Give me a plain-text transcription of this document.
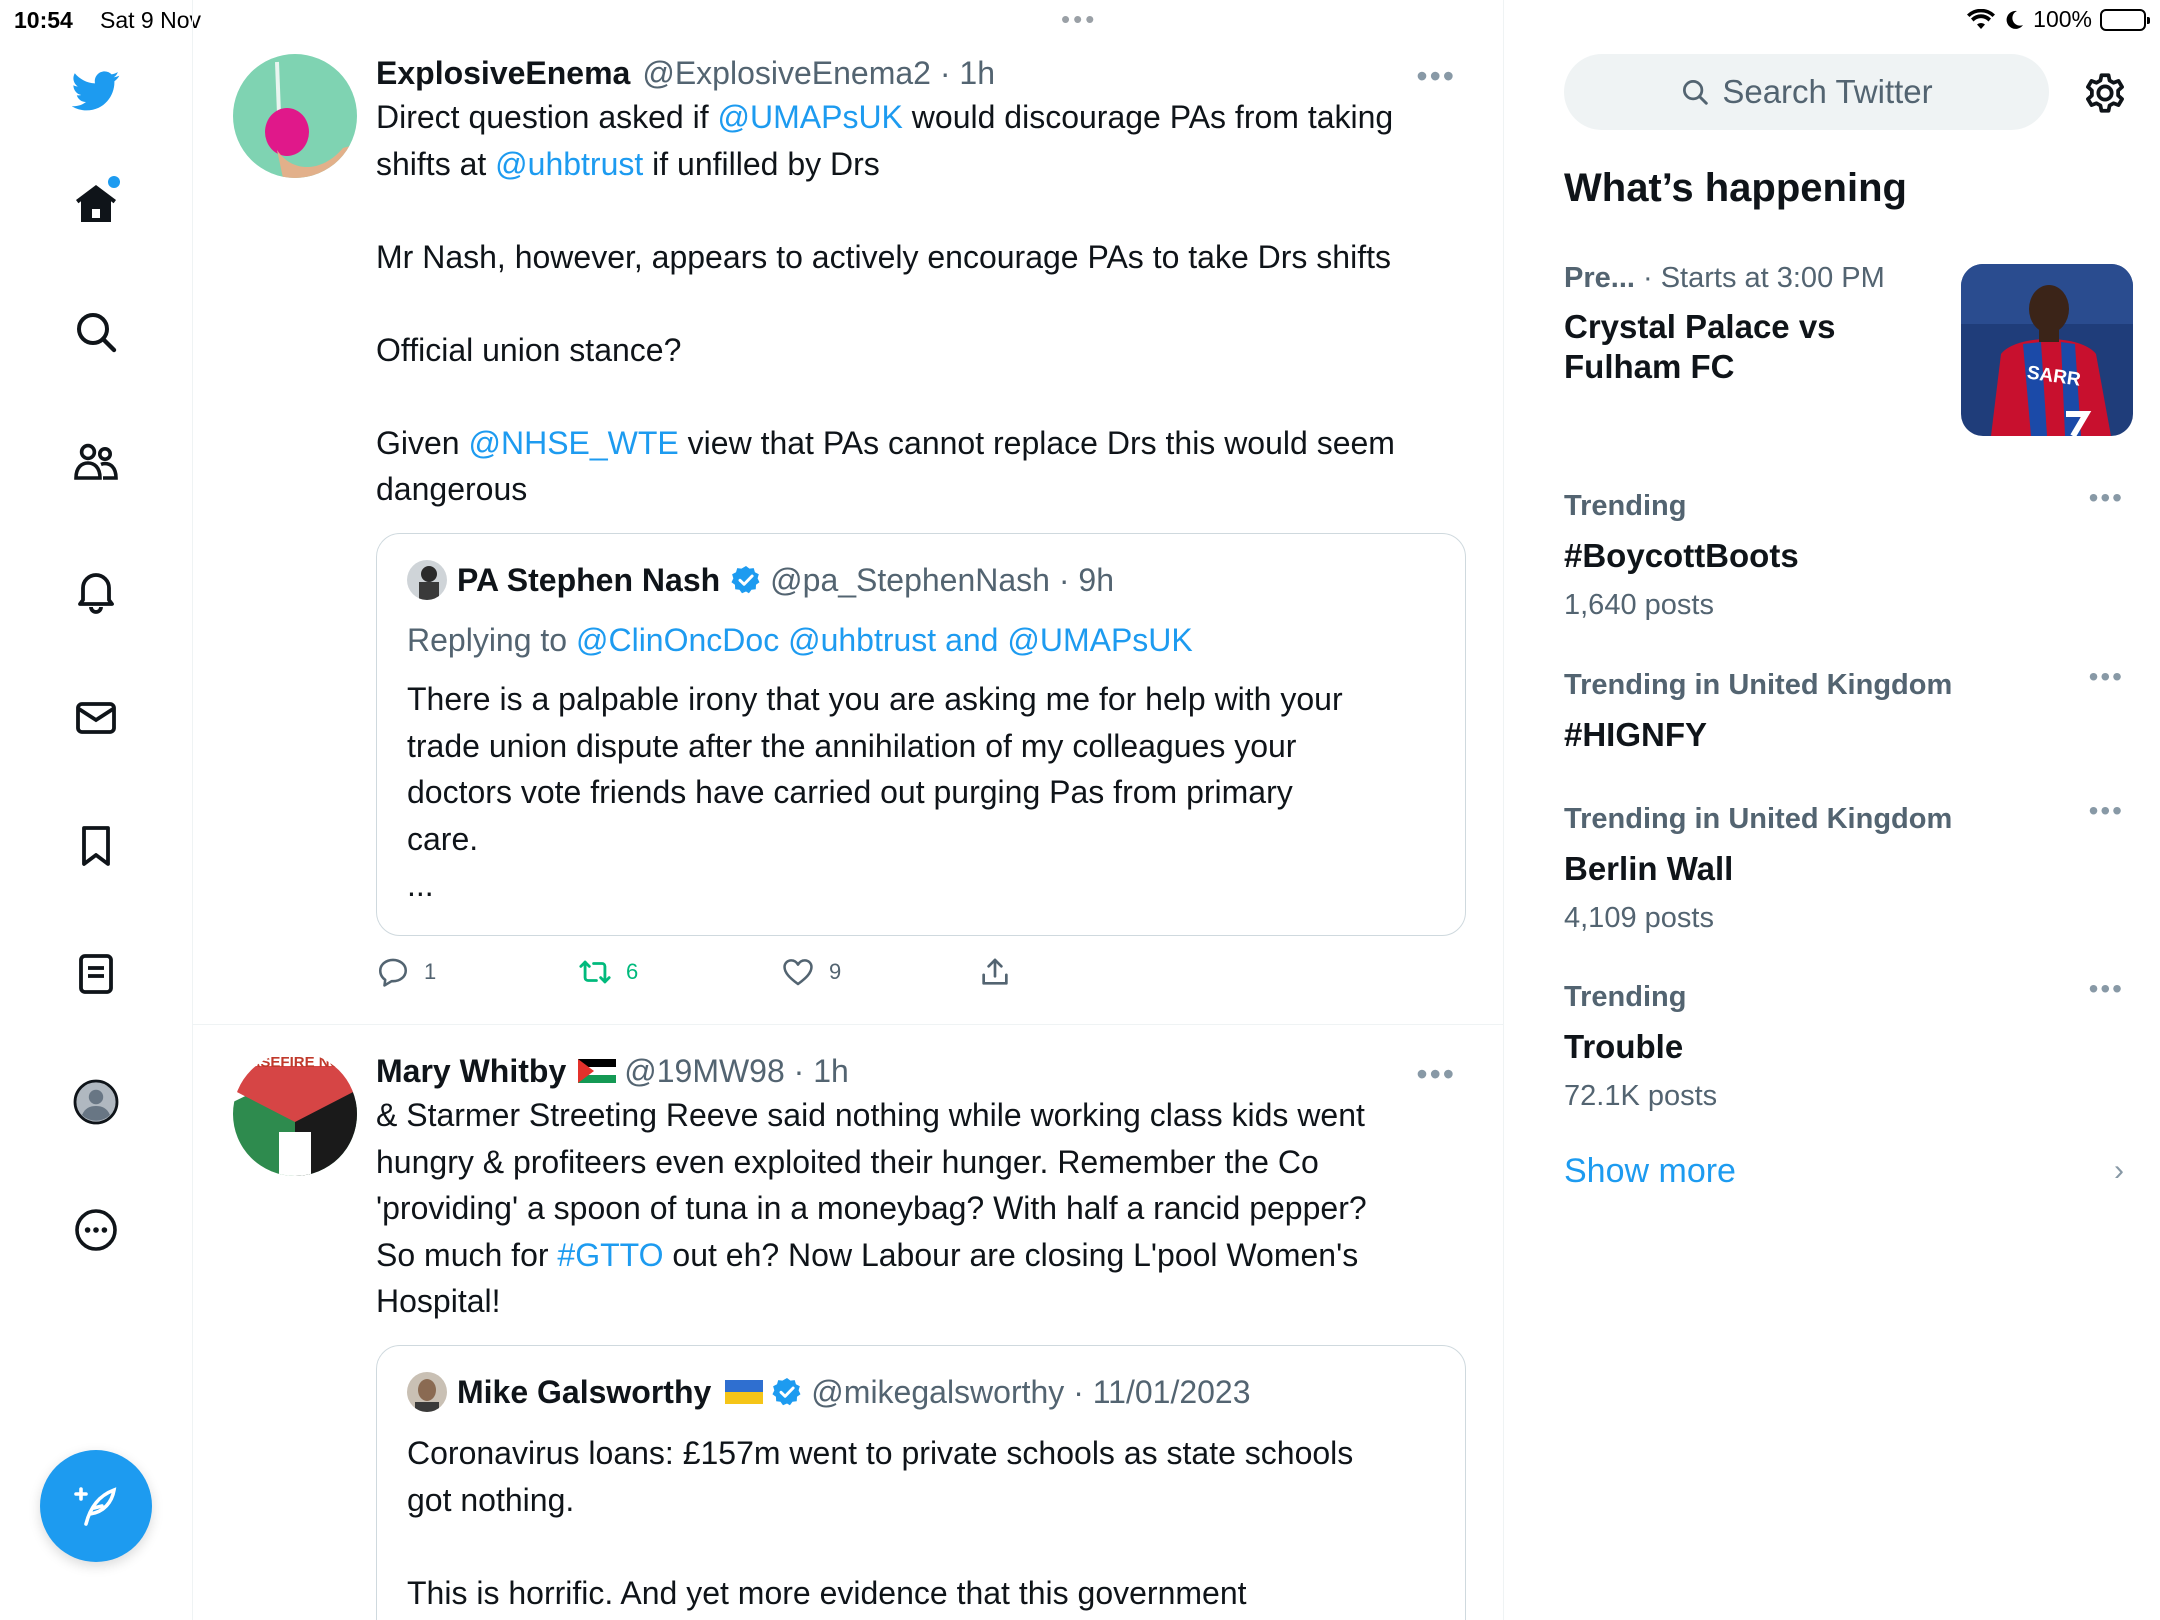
10:54 Sat 9 Nov	•••	100%
ExplosiveEnema @ExplosiveEnema2 · 1h	•••
Direct question asked if @UMAPsUK would discourage PAs from taking
shifts at @uhbtrust if unfilled by Drs
Mr Nash, however, appears to actively encourage PAs to take Drs shifts
Official union stance?
Given @NHSE_WTE view that PAs cannot replace Drs this would seem
dangerous
PA Stephen Nash @pa_StephenNash · 9h
Replying to @ClinOncDoc @uhbtrust and @UMAPsUK
There is a palpable irony that you are asking me for help with your
trade union dispute after the annihilation of my colleagues your
doctors vote friends have carried out purging Pas from primary
care.
...
1	6	9
ASEFIRE NC Mary Whitby @19MW98 · 1h	•••
& Starmer Streeting Reeve said nothing while working class kids went
hungry & profiteers even exploited their hunger. Remember the Co
'providing' a spoon of tuna in a moneybag? With half a rancid pepper?
So much for #GTTO out eh? Now Labour are closing L'pool Women's
Hospital!
Mike Galsworthy	@mikegalsworthy · 11/01/2023
Coronavirus loans: £157m went to private schools as state schools
got nothing.
This is horrific. And yet more evidence that this government
Search Twitter
What’s happening
Pre... · Starts at 3:00 PM
Crystal Palace vs Fulham FC	SARR
Trending
#BoycottBoots
1,640 posts
•••
Trending in United Kingdom
#HIGNFY
•••
Trending in United Kingdom
Berlin Wall
4,109 posts
•••
Trending
Trouble
72.1K posts
•••
Show more	›
